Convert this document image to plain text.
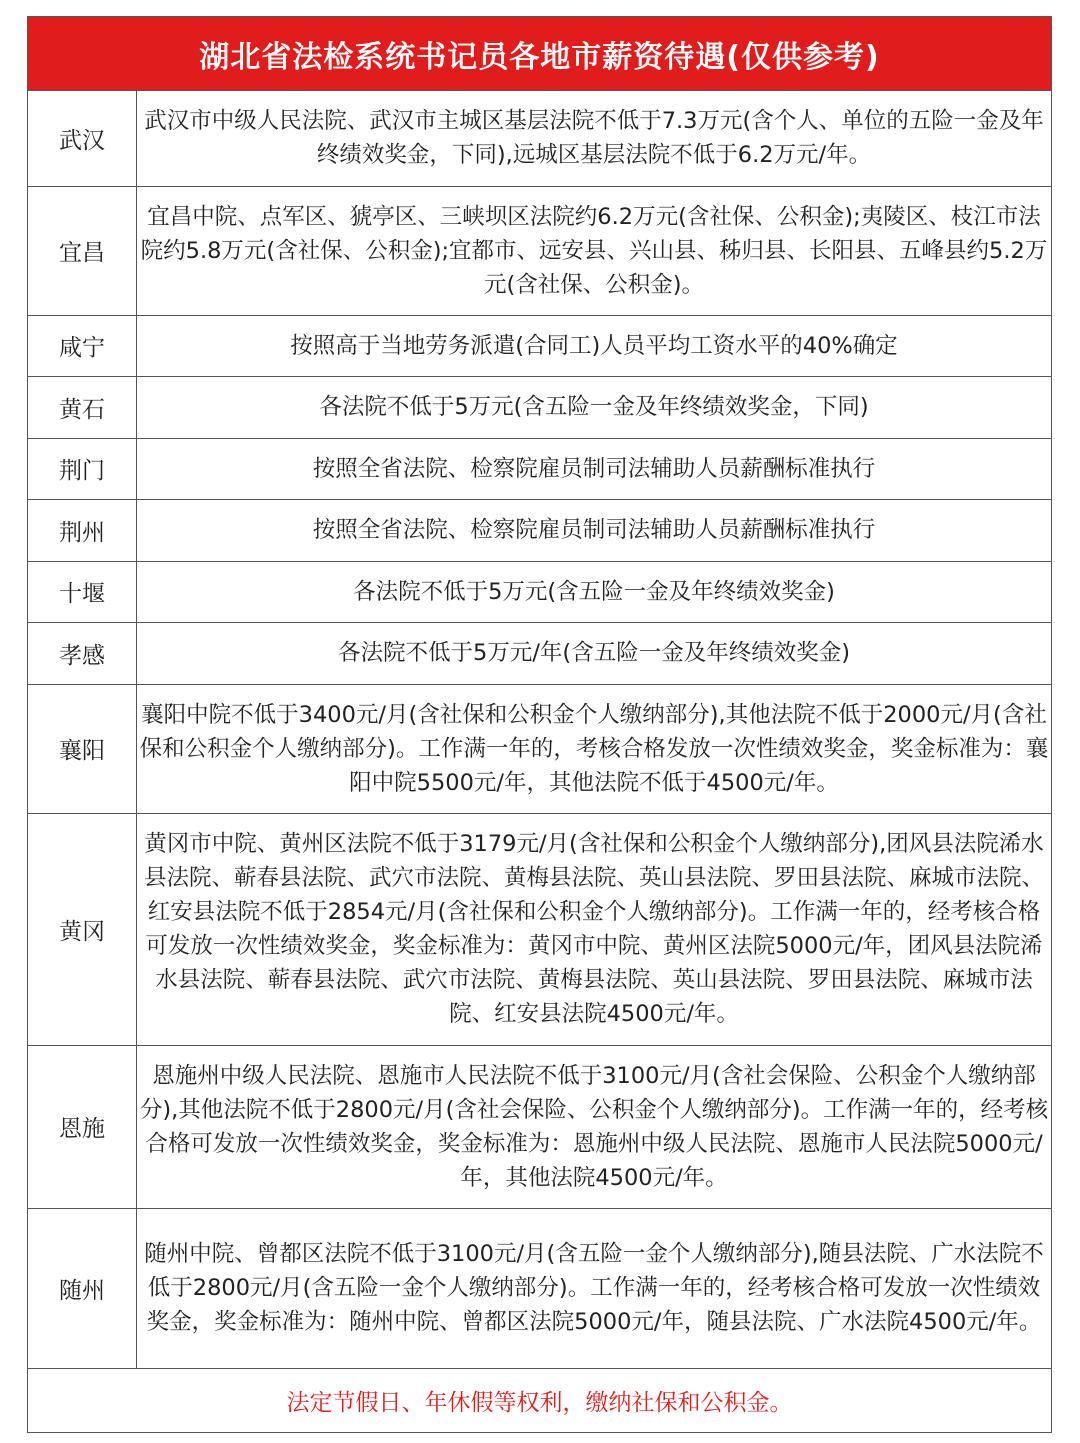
湖北省法检系统书记员各地市薪资待遇(仅供参考)
武汉	武汉市中级人民法院、武汉市主城区基层法院不低于7.3万元(含个人、单位的五险一金及年终绩效奖金，下同),远城区基层法院不低于6.2万元/年。
宜昌	宜昌中院、点军区、猇亭区、三峡坝区法院约6.2万元(含社保、公积金);夷陵区、枝江市法院约5.8万元(含社保、公积金);宜都市、远安县、兴山县、秭归县、长阳县、五峰县约5.2万元(含社保、公积金)。
咸宁	按照高于当地劳务派遣(合同工)人员平均工资水平的40%确定
黄石	各法院不低于5万元(含五险一金及年终绩效奖金，下同)
荆门	按照全省法院、检察院雇员制司法辅助人员薪酬标准执行
荆州	按照全省法院、检察院雇员制司法辅助人员薪酬标准执行
十堰	各法院不低于5万元(含五险一金及年终绩效奖金)
孝感	各法院不低于5万元/年(含五险一金及年终绩效奖金)
襄阳	襄阳中院不低于3400元/月(含社保和公积金个人缴纳部分),其他法院不低于2000元/月(含社保和公积金个人缴纳部分)。工作满一年的，考核合格发放一次性绩效奖金，奖金标准为：襄阳中院5500元/年，其他法院不低于4500元/年。
黄冈	黄冈市中院、黄州区法院不低于3179元/月(含社保和公积金个人缴纳部分),团风县法院浠水县法院、蕲春县法院、武穴市法院、黄梅县法院、英山县法院、罗田县法院、麻城市法院、红安县法院不低于2854元/月(含社保和公积金个人缴纳部分)。工作满一年的，经考核合格可发放一次性绩效奖金，奖金标准为：黄冈市中院、黄州区法院5000元/年，团风县法院浠水县法院、蕲春县法院、武穴市法院、黄梅县法院、英山县法院、罗田县法院、麻城市法院、红安县法院4500元/年。
恩施	恩施州中级人民法院、恩施市人民法院不低于3100元/月(含社会保险、公积金个人缴纳部分),其他法院不低于2800元/月(含社会保险、公积金个人缴纳部分)。工作满一年的，经考核合格可发放一次性绩效奖金，奖金标准为：恩施州中级人民法院、恩施市人民法院5000元/年，其他法院4500元/年。
随州	随州中院、曾都区法院不低于3100元/月(含五险一金个人缴纳部分),随县法院、广水法院不低于2800元/月(含五险一金个人缴纳部分)。工作满一年的，经考核合格可发放一次性绩效奖金，奖金标准为：随州中院、曾都区法院5000元/年，随县法院、广水法院4500元/年。
法定节假日、年休假等权利，缴纳社保和公积金。
